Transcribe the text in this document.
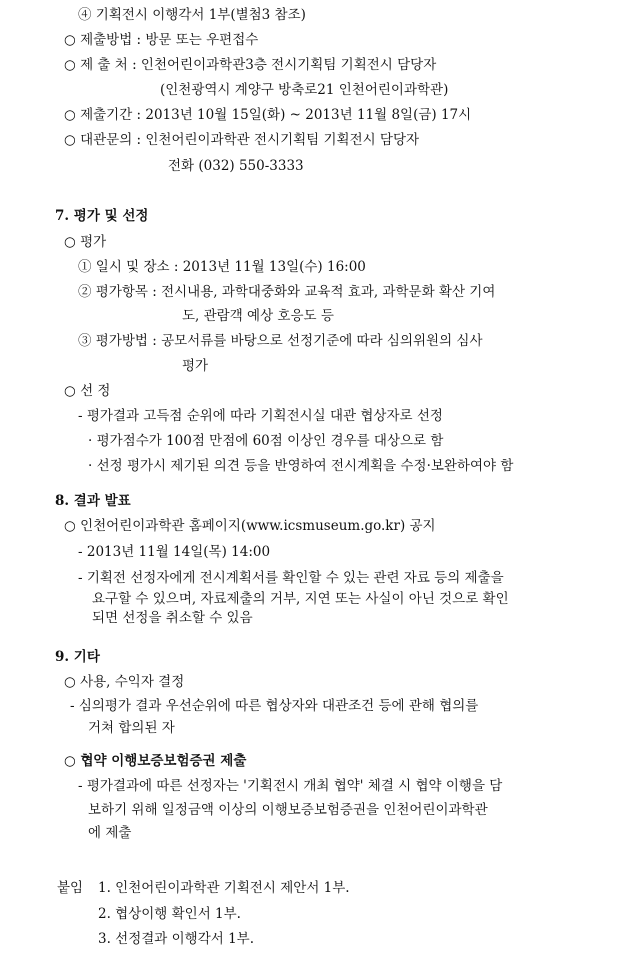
④ 기획전시 이행각서 1부(별첨3 참조)
○ 제출방법 : 방문 또는 우편접수
○ 제 출 처 : 인천어린이과학관3층 전시기획팀 기획전시 담당자
(인천광역시 계양구 방축로21 인천어린이과학관)
○ 제출기간 : 2013년 10월 15일(화) ~ 2013년 11월 8일(금) 17시
○ 대관문의 : 인천어린이과학관 전시기획팀 기획전시 담당자
전화 (032) 550-3333
7. 평가 및 선정
○ 평가
① 일시 및 장소 : 2013년 11월 13일(수) 16:00
② 평가항목 : 전시내용, 과학대중화와 교육적 효과, 과학문화 확산 기여
도, 관람객 예상 호응도 등
③ 평가방법 : 공모서류를 바탕으로 선정기준에 따라 심의위원의 심사
평가
○ 선 정
- 평가결과 고득점 순위에 따라 기획전시실 대관 협상자로 선정
· 평가점수가 100점 만점에 60점 이상인 경우를 대상으로 함
· 선정 평가시 제기된 의견 등을 반영하여 전시계획을 수정·보완하여야 함
8. 결과 발표
○ 인천어린이과학관 홈페이지(www.icsmuseum.go.kr) 공지
- 2013년 11월 14일(목) 14:00
- 기획전 선정자에게 전시계획서를 확인할 수 있는 관련 자료 등의 제출을
요구할 수 있으며, 자료제출의 거부, 지연 또는 사실이 아닌 것으로 확인
되면 선정을 취소할 수 있음
9. 기타
○ 사용, 수익자 결정
- 심의평가 결과 우선순위에 따른 협상자와 대관조건 등에 관해 협의를
거쳐 합의된 자
○ 협약 이행보증보험증권 제출
- 평가결과에 따른 선정자는 '기획전시 개최 협약' 체결 시 협약 이행을 담
보하기 위해 일정금액 이상의 이행보증보험증권을 인천어린이과학관
에 제출
붙임 1. 인천어린이과학관 기획전시 제안서 1부.
2. 협상이행 확인서 1부.
3. 선정결과 이행각서 1부.
